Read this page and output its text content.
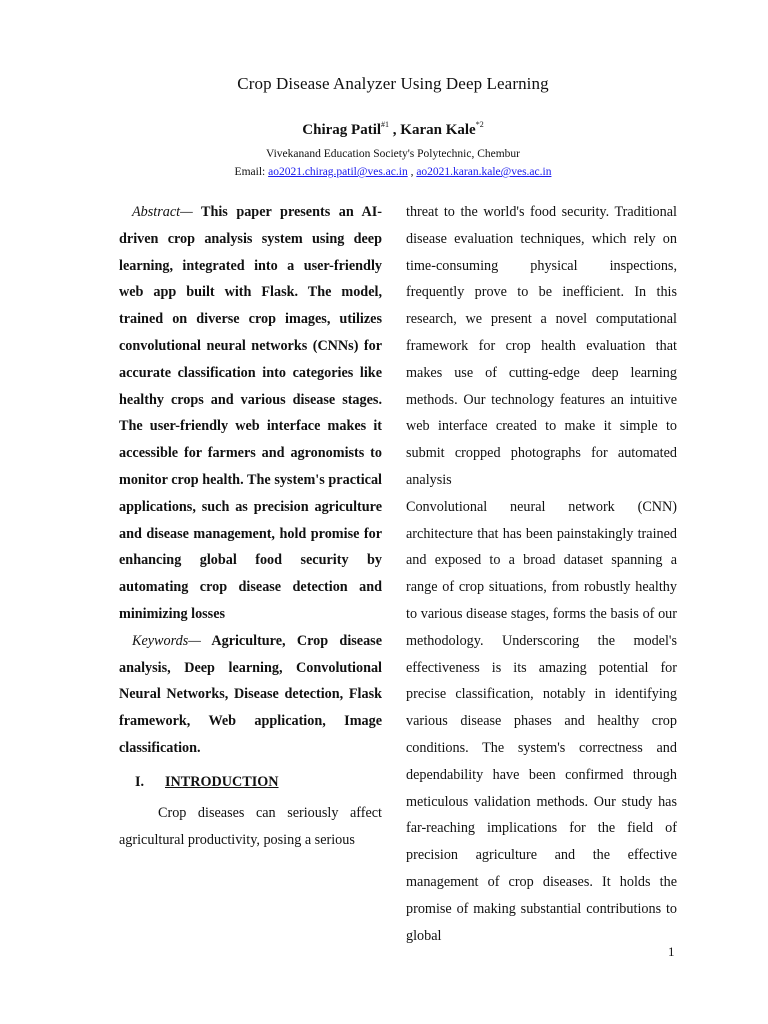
Crop Disease Analyzer Using Deep Learning
Chirag Patil$^{\#1}$ , Karan Kale$^{*2}$
Vivekanand Education Society's Polytechnic, Chembur
Email: ao2021.chirag.patil@ves.ac.in , ao2021.karan.kale@ves.ac.in

Abstract— This paper presents an AI-driven crop analysis system using deep learning, integrated into a user-friendly web app built with Flask. The model, trained on diverse crop images, utilizes convolutional neural networks (CNNs) for accurate classification into categories like healthy crops and various disease stages. The user-friendly web interface makes it accessible for farmers and agronomists to monitor crop health. The system's practical applications, such as precision agriculture and disease management, hold promise for enhancing global food security by automating crop disease detection and minimizing losses

Keywords— Agriculture, Crop disease analysis, Deep learning, Convolutional Neural Networks, Disease detection, Flask framework, Web application, Image classification.

I. INTRODUCTION

Crop diseases can seriously affect agricultural productivity, posing a serious

threat to the world's food security. Traditional disease evaluation techniques, which rely on time-consuming physical inspections, frequently prove to be inefficient. In this research, we present a novel computational framework for crop health evaluation that makes use of cutting-edge deep learning methods. Our technology features an intuitive web interface created to make it simple to submit cropped photographs for automated analysis

Convolutional neural network (CNN) architecture that has been painstakingly trained and exposed to a broad dataset spanning a range of crop situations, from robustly healthy to various disease stages, forms the basis of our methodology. Underscoring the model's effectiveness is its amazing potential for precise classification, notably in identifying various disease phases and healthy crop conditions. The system's correctness and dependability have been confirmed through meticulous validation methods. Our study has far-reaching implications for the field of precision agriculture and the effective management of crop diseases. It holds the promise of making substantial contributions to global

1
